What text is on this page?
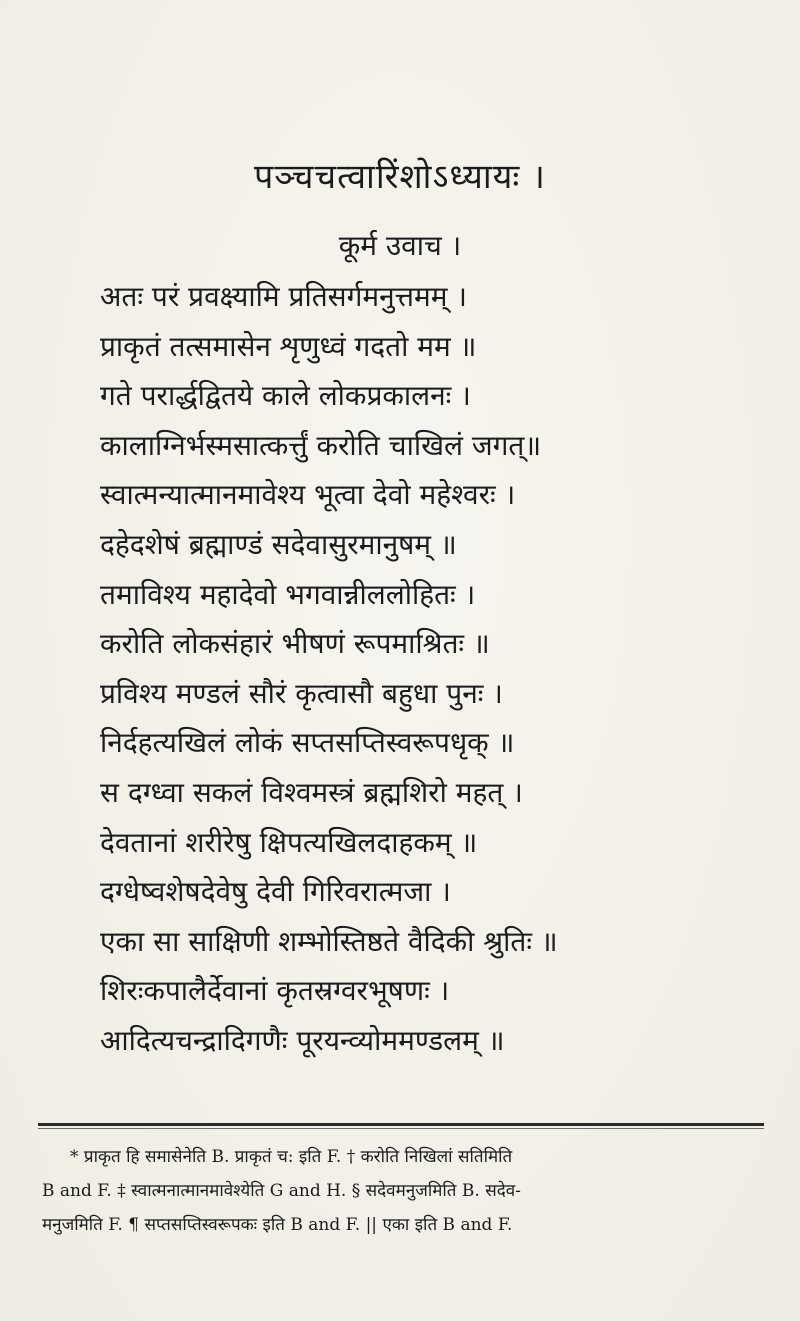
पञ्चचत्वारिंशोऽध्यायः ।
कूर्म उवाच ।
अतः परं प्रवक्ष्यामि प्रतिसर्गमनुत्तमम् ।
प्राकृतं तत्समासेन शृणुध्वं गदतो मम ॥
गते परार्द्धद्वितये काले लोकप्रकालनः ।
कालाग्निर्भस्मसात्कर्त्तुं करोति चाखिलं जगत्॥
स्वात्मन्यात्मानमावेश्य भूत्वा देवो महेश्वरः ।
दहेदशेषं ब्रह्माण्डं सदेवासुरमानुषम् ॥
तमाविश्य महादेवो भगवान्नीललोहितः ।
करोति लोकसंहारं भीषणं रूपमाश्रितः ॥
प्रविश्य मण्डलं सौरं कृत्वासौ बहुधा पुनः ।
निर्दहत्यखिलं लोकं सप्तसप्तिस्वरूपधृक् ॥
स दग्ध्वा सकलं विश्वमस्त्रं ब्रह्मशिरो महत् ।
देवतानां शरीरेषु क्षिपत्यखिलदाहकम् ॥
दग्धेष्वशेषदेवेषु देवी गिरिवरात्मजा ।
एका सा साक्षिणी शम्भोस्तिष्ठते वैदिकी श्रुतिः ॥
शिरःकपालैर्देवानां कृतस्रग्वरभूषणः ।
आदित्यचन्द्रादिगणैः पूरयन्व्योममण्डलम् ॥
* प्राकृत हि समासेनेति B. प्राकृतं च: इति F. † करोति निखिलां सतिमिति
B and F. ‡ स्वात्मनात्मानमावेश्येति G and H. § सदेवमनुजमिति B. सदेव-
मनुजमिति F. ¶ सप्तसप्तिस्वरूपकः इति B and F. || एका इति B and F.
